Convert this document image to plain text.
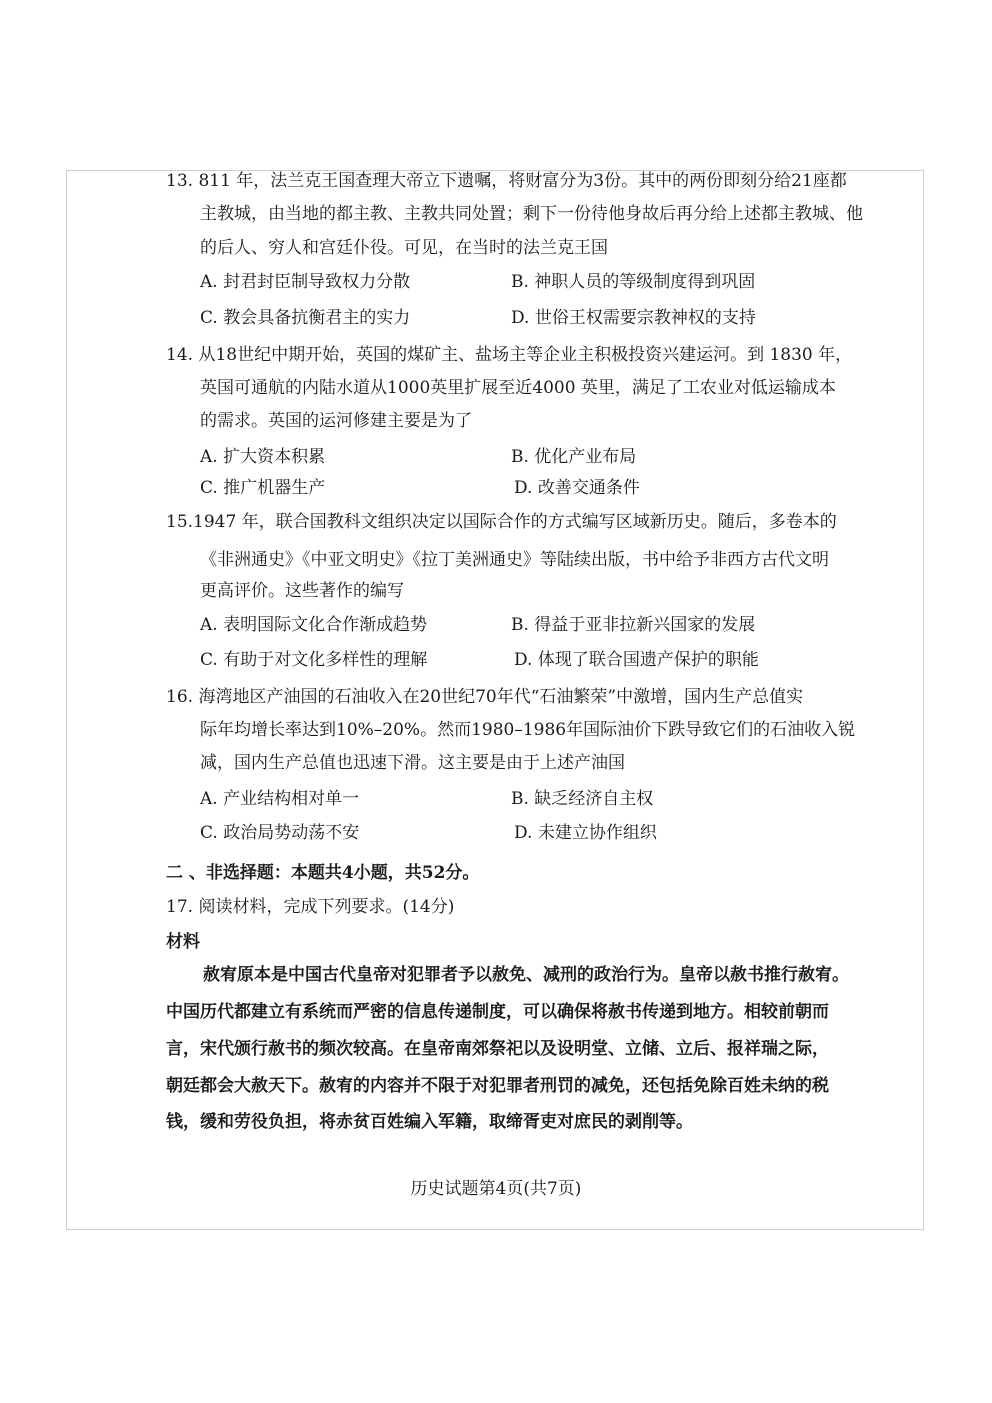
13. 811 年，法兰克王国查理大帝立下遗嘱，将财富分为3份。其中的两份即刻分给21座都
主教城，由当地的都主教、主教共同处置；剩下一份待他身故后再分给上述都主教城、他
的后人、穷人和宫廷仆役。可见，在当时的法兰克王国
A. 封君封臣制导致权力分散	B. 神职人员的等级制度得到巩固
C. 教会具备抗衡君主的实力	D. 世俗王权需要宗教神权的支持
14. 从18世纪中期开始，英国的煤矿主、盐场主等企业主积极投资兴建运河。到 1830 年，
英国可通航的内陆水道从1000英里扩展至近4000 英里，满足了工农业对低运输成本
的需求。英国的运河修建主要是为了
A. 扩大资本积累	B. 优化产业布局
C. 推广机器生产	D. 改善交通条件
15.1947 年，联合国教科文组织决定以国际合作的方式编写区域新历史。随后，多卷本的
《非洲通史》《中亚文明史》《拉丁美洲通史》等陆续出版，书中给予非西方古代文明
更高评价。这些著作的编写
A. 表明国际文化合作渐成趋势	B. 得益于亚非拉新兴国家的发展
C. 有助于对文化多样性的理解	D. 体现了联合国遗产保护的职能
16. 海湾地区产油国的石油收入在20世纪70年代“石油繁荣”中激增，国内生产总值实
际年均增长率达到10%–20%。然而1980–1986年国际油价下跌导致它们的石油收入锐
减，国内生产总值也迅速下滑。这主要是由于上述产油国
A. 产业结构相对单一	B. 缺乏经济自主权
C. 政治局势动荡不安	D. 未建立协作组织
二 、非选择题：本题共4小题，共52分。
17. 阅读材料，完成下列要求。(14分)
材料
赦宥原本是中国古代皇帝对犯罪者予以赦免、减刑的政治行为。皇帝以赦书推行赦宥。
中国历代都建立有系统而严密的信息传递制度，可以确保将赦书传递到地方。相较前朝而
言，宋代颁行赦书的频次较高。在皇帝南郊祭祀以及设明堂、立储、立后、报祥瑞之际，
朝廷都会大赦天下。赦宥的内容并不限于对犯罪者刑罚的减免，还包括免除百姓未纳的税
钱，缓和劳役负担，将赤贫百姓编入军籍，取缔胥吏对庶民的剥削等。
历史试题第4页(共7页)
